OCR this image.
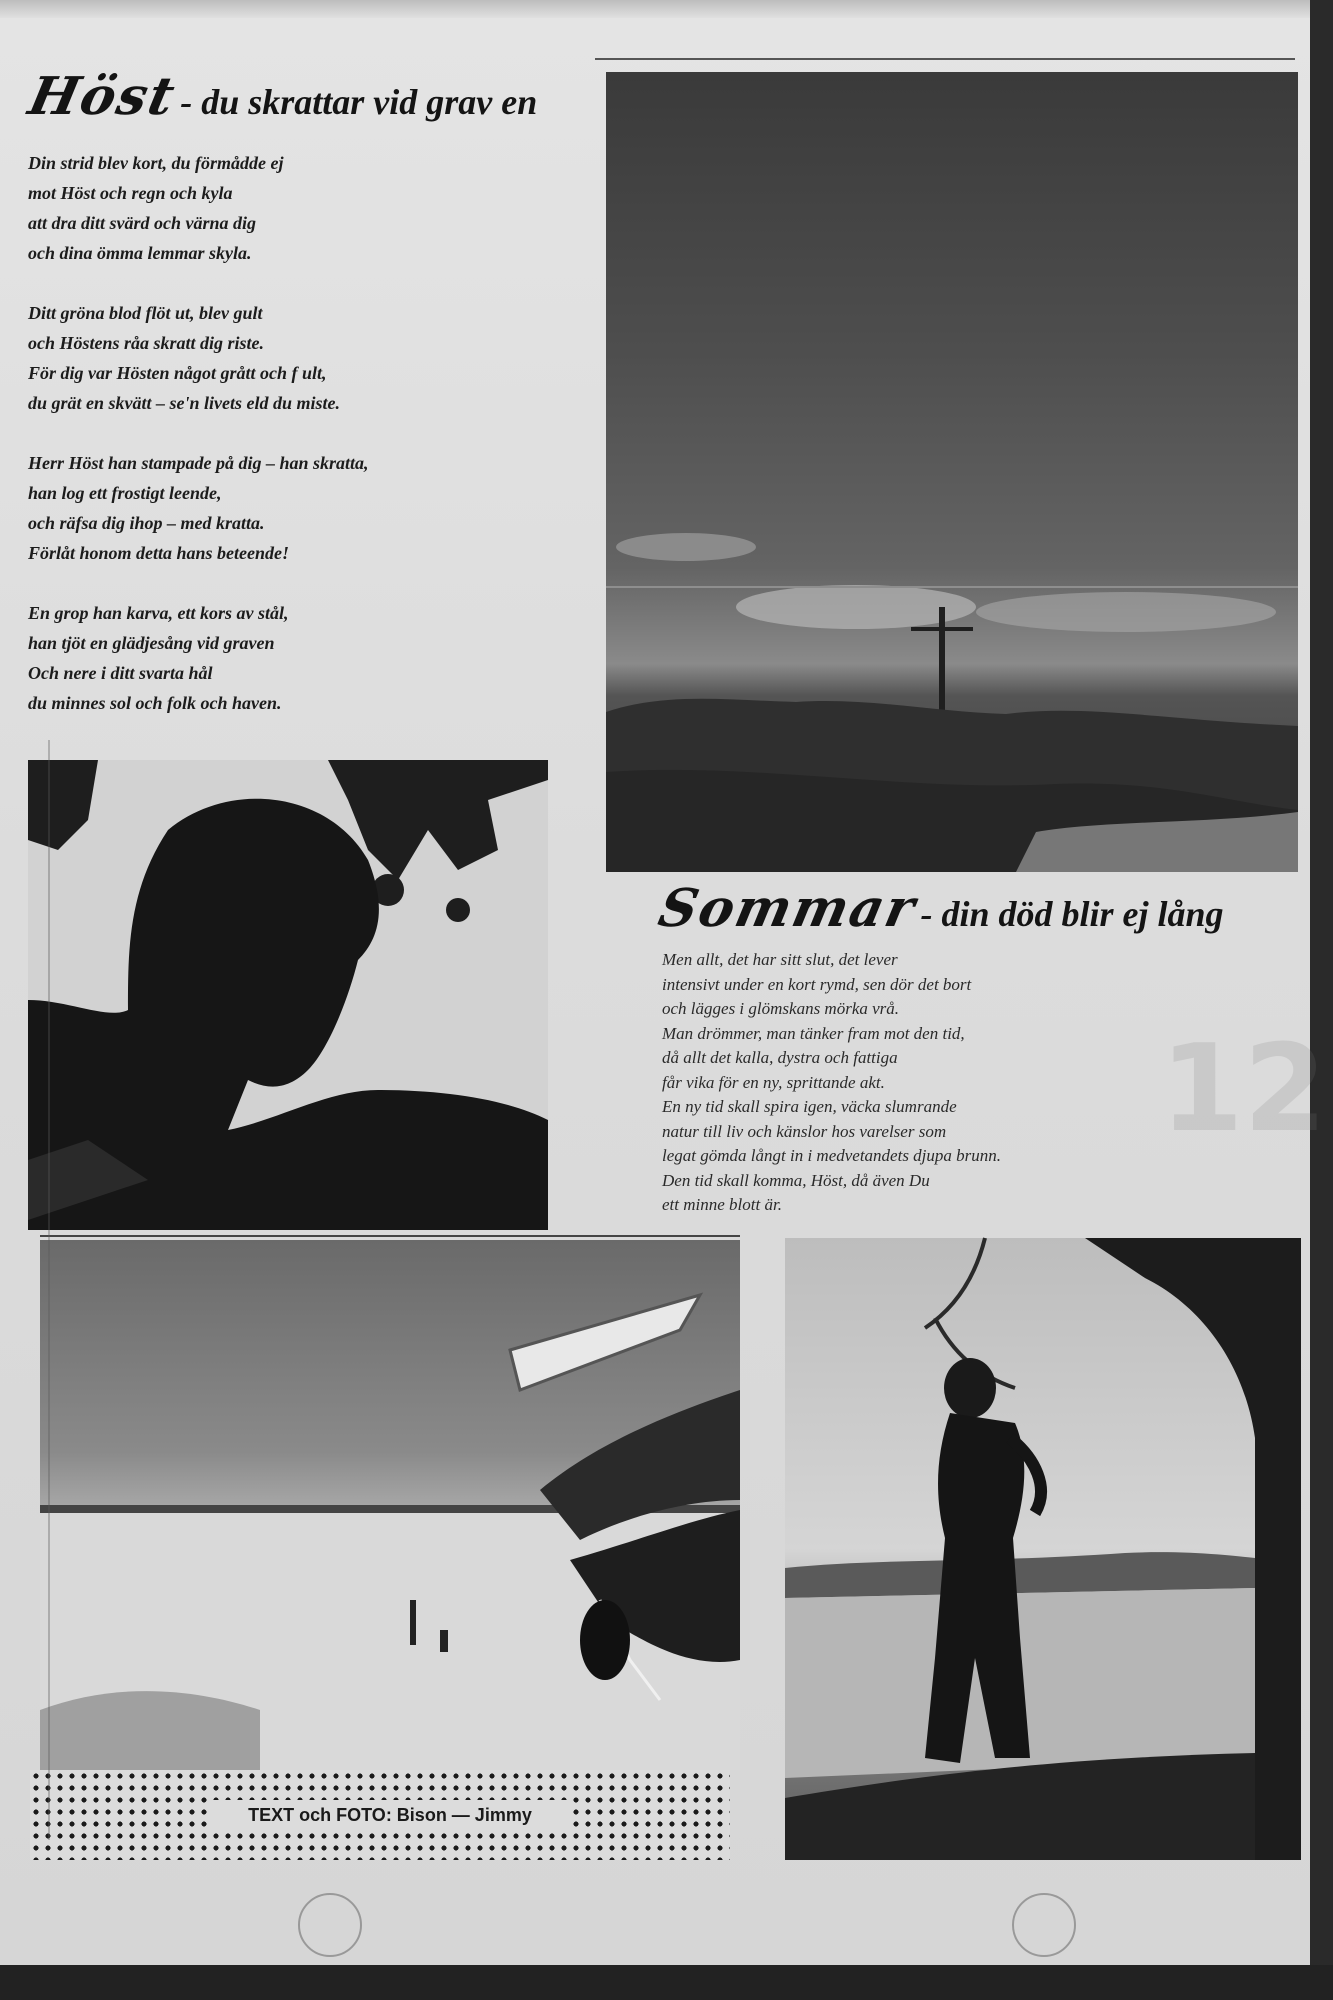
Höst - du skrattar vid grav en
Din strid blev kort, du förmådde ej
mot Höst och regn och kyla
att dra ditt svärd och värna dig
och dina ömma lemmar skyla.
Ditt gröna blod flöt ut, blev gult
och Höstens råa skratt dig riste.
För dig var Hösten något grått och f ult,
du grät en skvätt – se'n livets eld du miste.
Herr Höst han stampade på dig – han skratta,
han log ett frostigt leende,
och räfsa dig ihop – med kratta.
Förlåt honom detta hans beteende!
En grop han karva, ett kors av stål,
han tjöt en glädjesång vid graven
Och nere i ditt svarta hål
du minnes sol och folk och haven.
Sommar - din död blir ej lång
Men allt, det har sitt slut, det lever
intensivt under en kort rymd, sen dör det bort
och lägges i glömskans mörka vrå.
Man drömmer, man tänker fram mot den tid,
då allt det kalla, dystra och fattiga
får vika för en ny, sprittande akt.
En ny tid skall spira igen, väcka slumrande
natur till liv och känslor hos varelser som
legat gömda långt in i medvetandets djupa brunn.
Den tid skall komma, Höst, då även Du
ett minne blott är.
12
TEXT och FOTO: Bison — Jimmy
